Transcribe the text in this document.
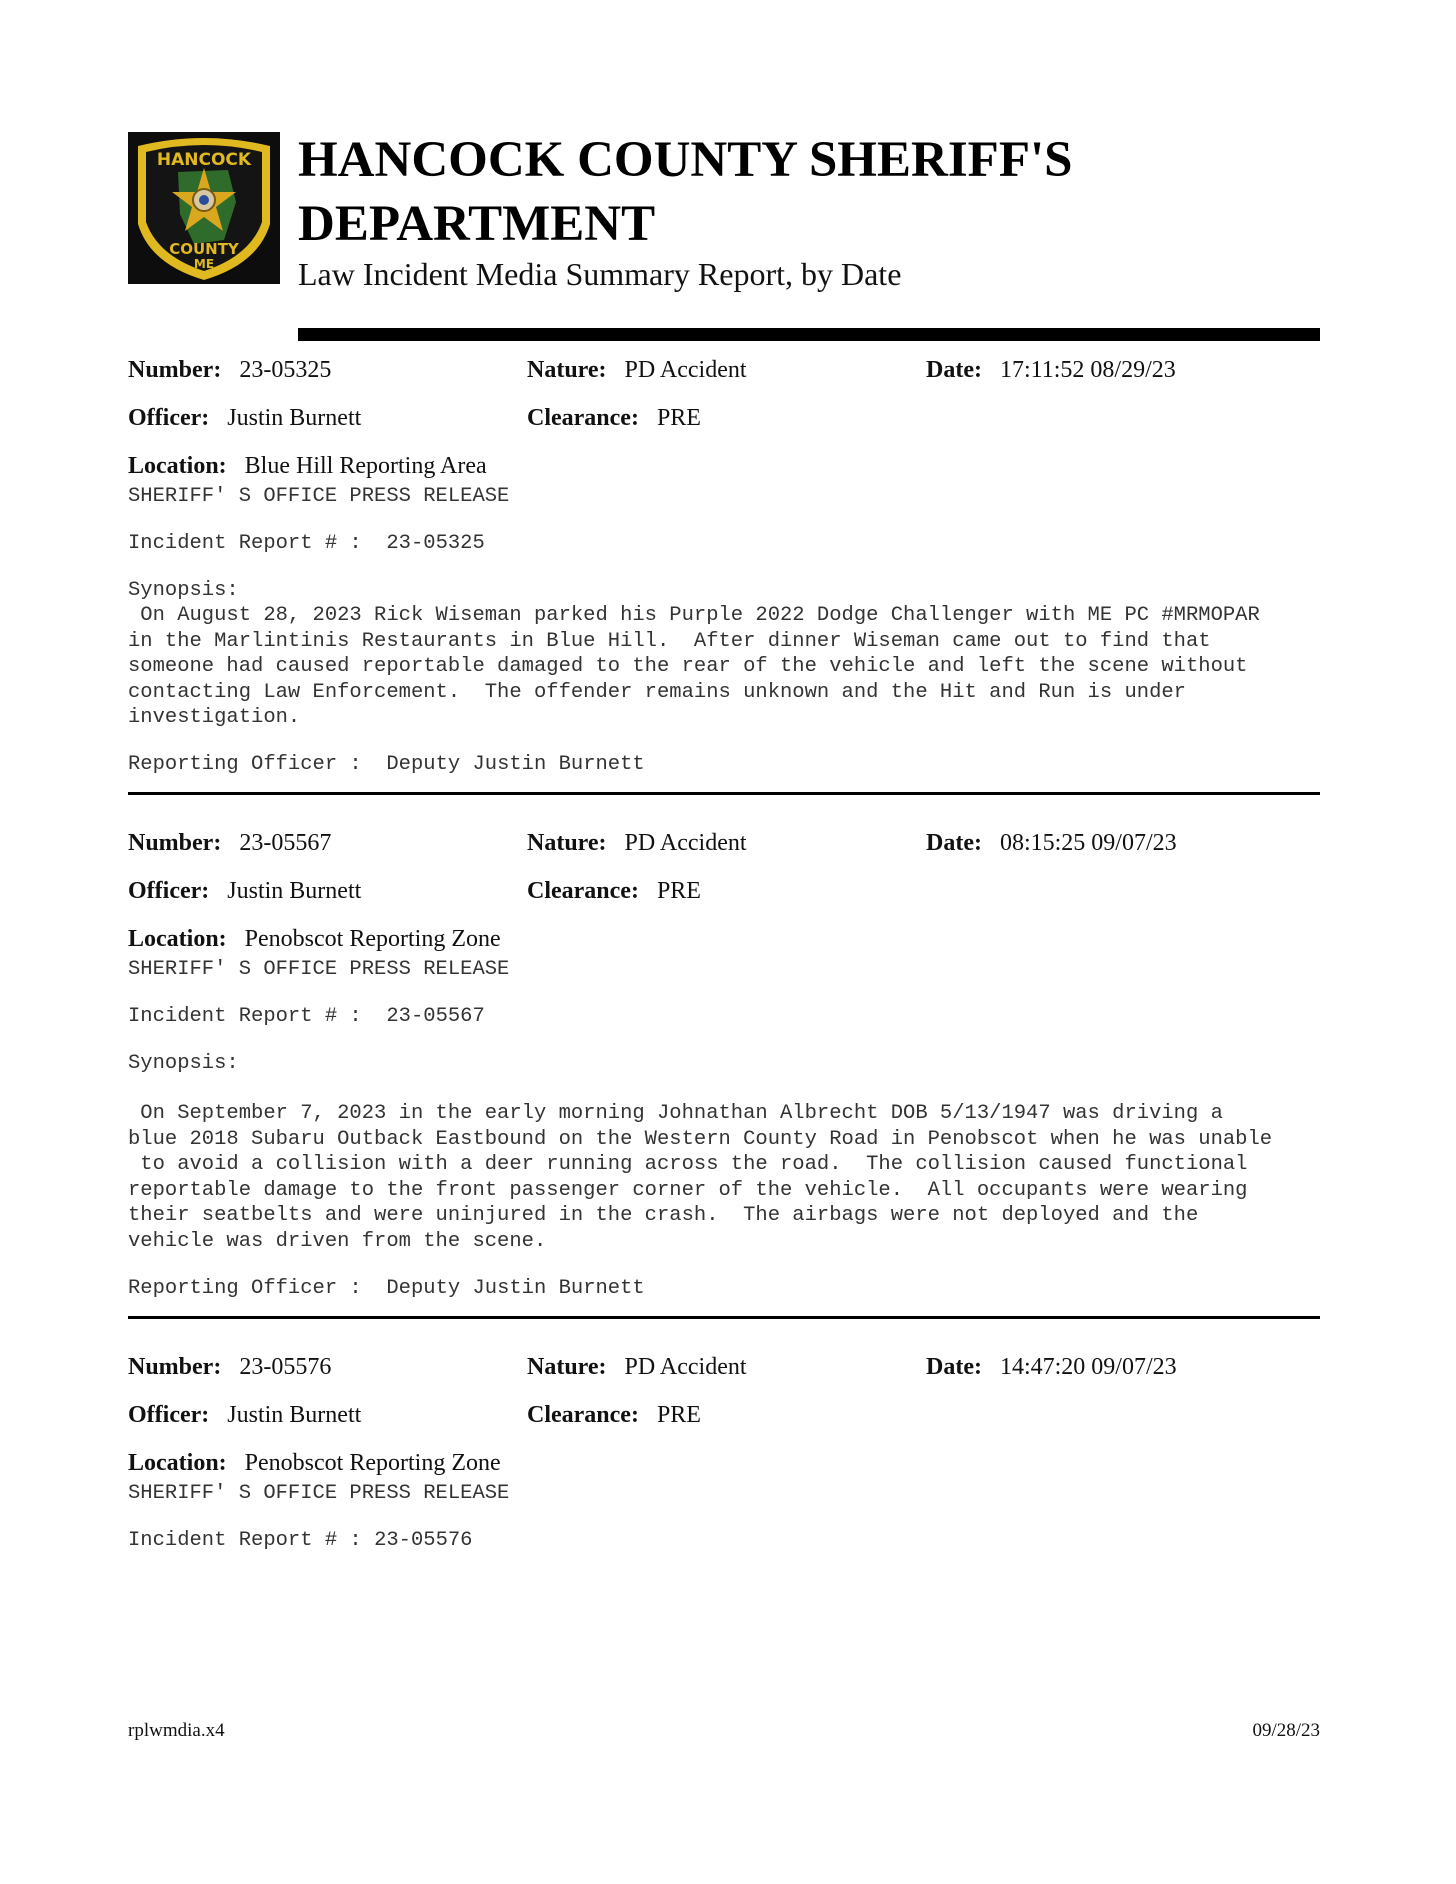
HANCOCK
COUNTY
ME
HANCOCK COUNTY SHERIFF'S
DEPARTMENT
Law Incident Media Summary Report, by Date
Number: 23-05325	Nature: PD Accident	Date: 17:11:52 08/29/23
Officer: Justin Burnett	Clearance: PRE
Location: Blue Hill Reporting Area
SHERIFF' S OFFICE PRESS RELEASE
Incident Report # : 23-05325
Synopsis:
On August 28, 2023 Rick Wiseman parked his Purple 2022 Dodge Challenger with ME PC #MRMOPAR
in the Marlintinis Restaurants in Blue Hill.  After dinner Wiseman came out to find that
someone had caused reportable damaged to the rear of the vehicle and left the scene without
contacting Law Enforcement.  The offender remains unknown and the Hit and Run is under
investigation.
Reporting Officer : Deputy Justin Burnett
Number: 23-05567	Nature: PD Accident	Date: 08:15:25 09/07/23
Officer: Justin Burnett	Clearance: PRE
Location: Penobscot Reporting Zone
SHERIFF' S OFFICE PRESS RELEASE
Incident Report # : 23-05567
Synopsis:
On September 7, 2023 in the early morning Johnathan Albrecht DOB 5/13/1947 was driving a
blue 2018 Subaru Outback Eastbound on the Western County Road in Penobscot when he was unable
to avoid a collision with a deer running across the road.  The collision caused functional
reportable damage to the front passenger corner of the vehicle.  All occupants were wearing
their seatbelts and were uninjured in the crash.  The airbags were not deployed and the
vehicle was driven from the scene.
Reporting Officer : Deputy Justin Burnett
Number: 23-05576	Nature: PD Accident	Date: 14:47:20 09/07/23
Officer: Justin Burnett	Clearance: PRE
Location: Penobscot Reporting Zone
SHERIFF' S OFFICE PRESS RELEASE
Incident Report # : 23-05576
rplwmdia.x4	09/28/23
